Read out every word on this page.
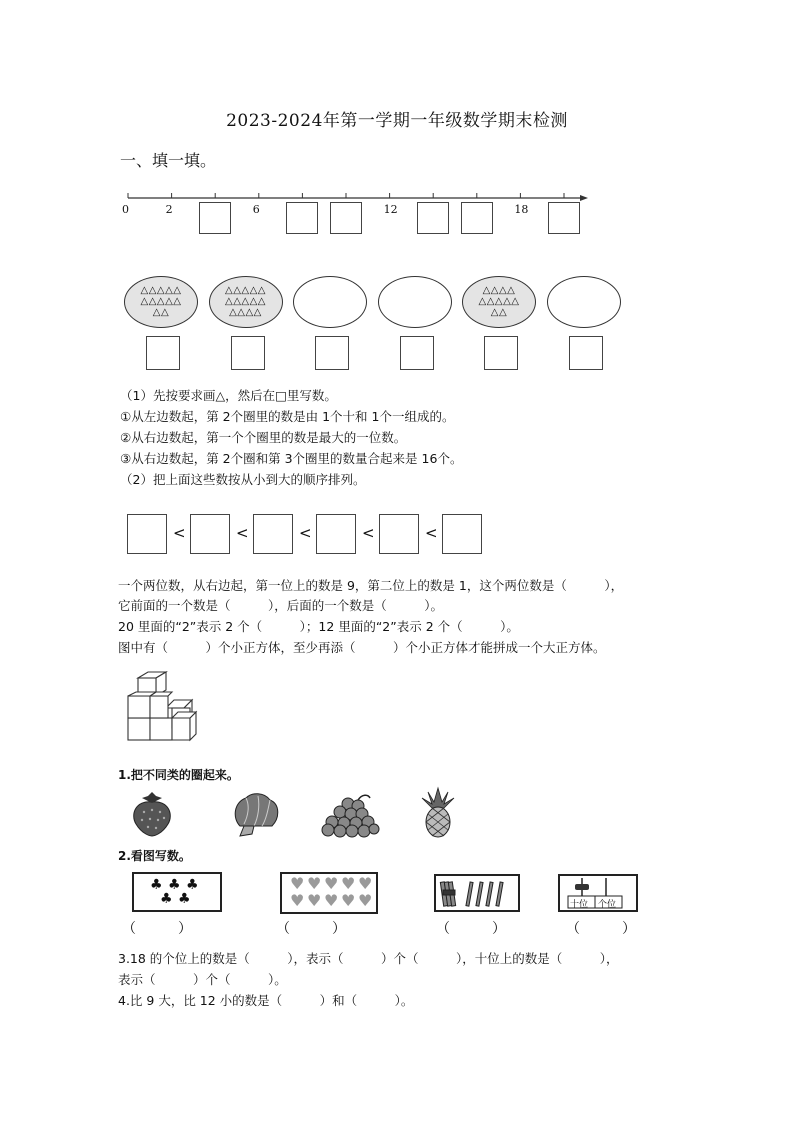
2023-2024年第一学期一年级数学期末检测
一、填一填。
（1）先按要求画△，然后在□里写数。
①从左边数起，第 2个圈里的数是由 1个十和 1个一组成的。
②从右边数起，第一个个圈里的数是最大的一位数。
③从右边数起，第 2个圈和第 3个圈里的数量合起来是 16个。
（2）把上面这些数按从小到大的顺序排列。
一个两位数，从右边起，第一位上的数是 9，第二位上的数是 1，这个两位数是（　　　），
它前面的一个数是（　　　），后面的一个数是（　　　）。
20 里面的“2”表示 2 个（　　　）；12 里面的“2”表示 2 个（　　　）。
图中有（　　　）个小正方体，至少再添（　　　）个小正方体才能拼成一个大正方体。
1.把不同类的圈起来。
2.看图写数。
♣ ♣ ♣
♣ ♣
♥ ♥ ♥ ♥ ♥
♥ ♥ ♥ ♥ ♥	十位 个位
（　　　）	（　　　）	（　　　）	（　　　）
3.18 的个位上的数是（　　　），表示（　　　）个（　　　），十位上的数是（　　　），
表示（　　　）个（　　　）。
4.比 9 大，比 12 小的数是（　　　）和（　　　）。
0	2	6	12	18
△△△△△
△△△△△
△△
△△△△△
△△△△△
△△△△
△△△△
△△△△△
△△
<	<	<	<	<
